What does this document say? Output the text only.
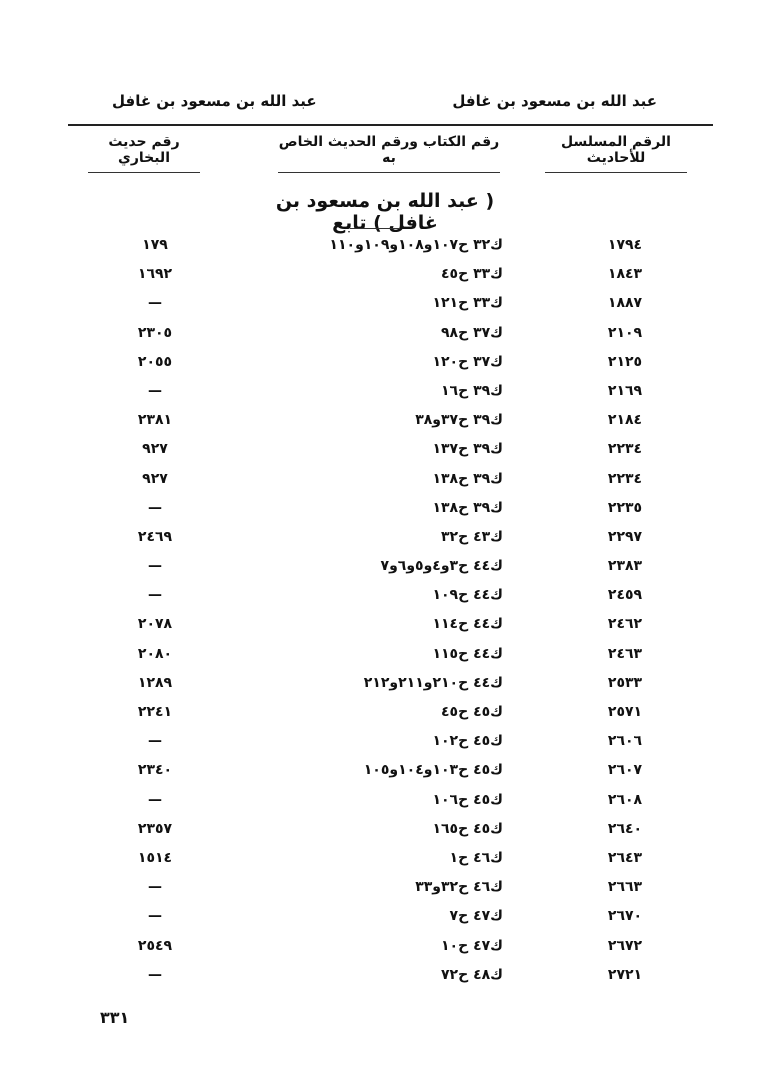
عبد الله بن مسعود بن غافل	عبد الله بن مسعود بن غافل
رقم حديث البخاري
رقم الكتاب ورقم الحديث الخاص به
الرقم المسلسل للأحاديث
( عبد الله بن مسعود بن غافل ) تابع
١٧٩٤
ك٣٢ ح١٠٧و١٠٨و١٠٩و١١٠
١٧٩
١٨٤٣
ك٣٣ ح٤٥
١٦٩٢
١٨٨٧
ك٣٣ ح١٢١
—
٢١٠٩
ك٣٧ ح٩٨
٢٣٠٥
٢١٢٥
ك٣٧ ح١٢٠
٢٠٥٥
٢١٦٩
ك٣٩ ح١٦
—
٢١٨٤
ك٣٩ ح٣٧و٣٨
٢٣٨١
٢٢٣٤
ك٣٩ ح١٣٧
٩٢٧
٢٢٣٤
ك٣٩ ح١٣٨
٩٢٧
٢٢٣٥
ك٣٩ ح١٣٨
—
٢٢٩٧
ك٤٣ ح٣٢
٢٤٦٩
٢٣٨٣
ك٤٤ ح٣و٤و٥و٦و٧
—
٢٤٥٩
ك٤٤ ح١٠٩
—
٢٤٦٢
ك٤٤ ح١١٤
٢٠٧٨
٢٤٦٣
ك٤٤ ح١١٥
٢٠٨٠
٢٥٣٣
ك٤٤ ح٢١٠و٢١١و٢١٢
١٢٨٩
٢٥٧١
ك٤٥ ح٤٥
٢٢٤١
٢٦٠٦
ك٤٥ ح١٠٢
—
٢٦٠٧
ك٤٥ ح١٠٣و١٠٤و١٠٥
٢٣٤٠
٢٦٠٨
ك٤٥ ح١٠٦
—
٢٦٤٠
ك٤٥ ح١٦٥
٢٣٥٧
٢٦٤٣
ك٤٦ ح١
١٥١٤
٢٦٦٣
ك٤٦ ح٣٢و٣٣
—
٢٦٧٠
ك٤٧ ح٧
—
٢٦٧٢
ك٤٧ ح١٠
٢٥٤٩
٢٧٢١
ك٤٨ ح٧٢
—
٣٣١
